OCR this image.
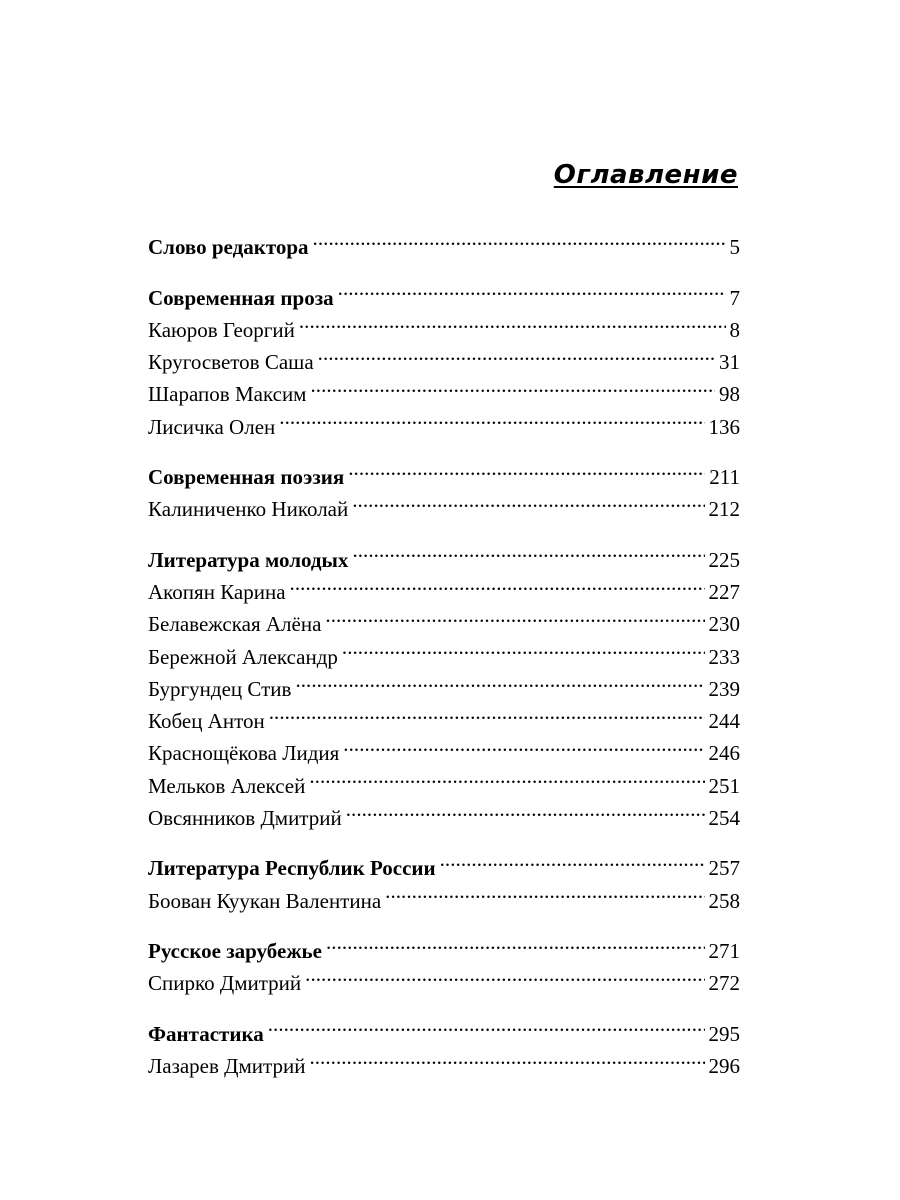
Оглавление
Слово редактора . . .	5
Современная проза . . .	7
Каюров Георгий . . .	8
Кругосветов Саша . . .	31
Шарапов Максим . . .	98
Лисичка Олен . . .	136
Современная поэзия . . .	211
Калиниченко Николай . . .	212
Литература молодых . . .	225
Акопян Карина . . .	227
Белавежская Алёна . . .	230
Бережной Александр . . .	233
Бургундец Стив . . .	239
Кобец Антон . . .	244
Краснощёкова Лидия . . .	246
Мельков Алексей . . .	251
Овсянников Дмитрий . . .	254
Литература Республик России . . .	257
Боован Куукан Валентина . . .	258
Русское зарубежье . . .	271
Спирко Дмитрий . . .	272
Фантастика . . .	295
Лазарев Дмитрий . . .	296
